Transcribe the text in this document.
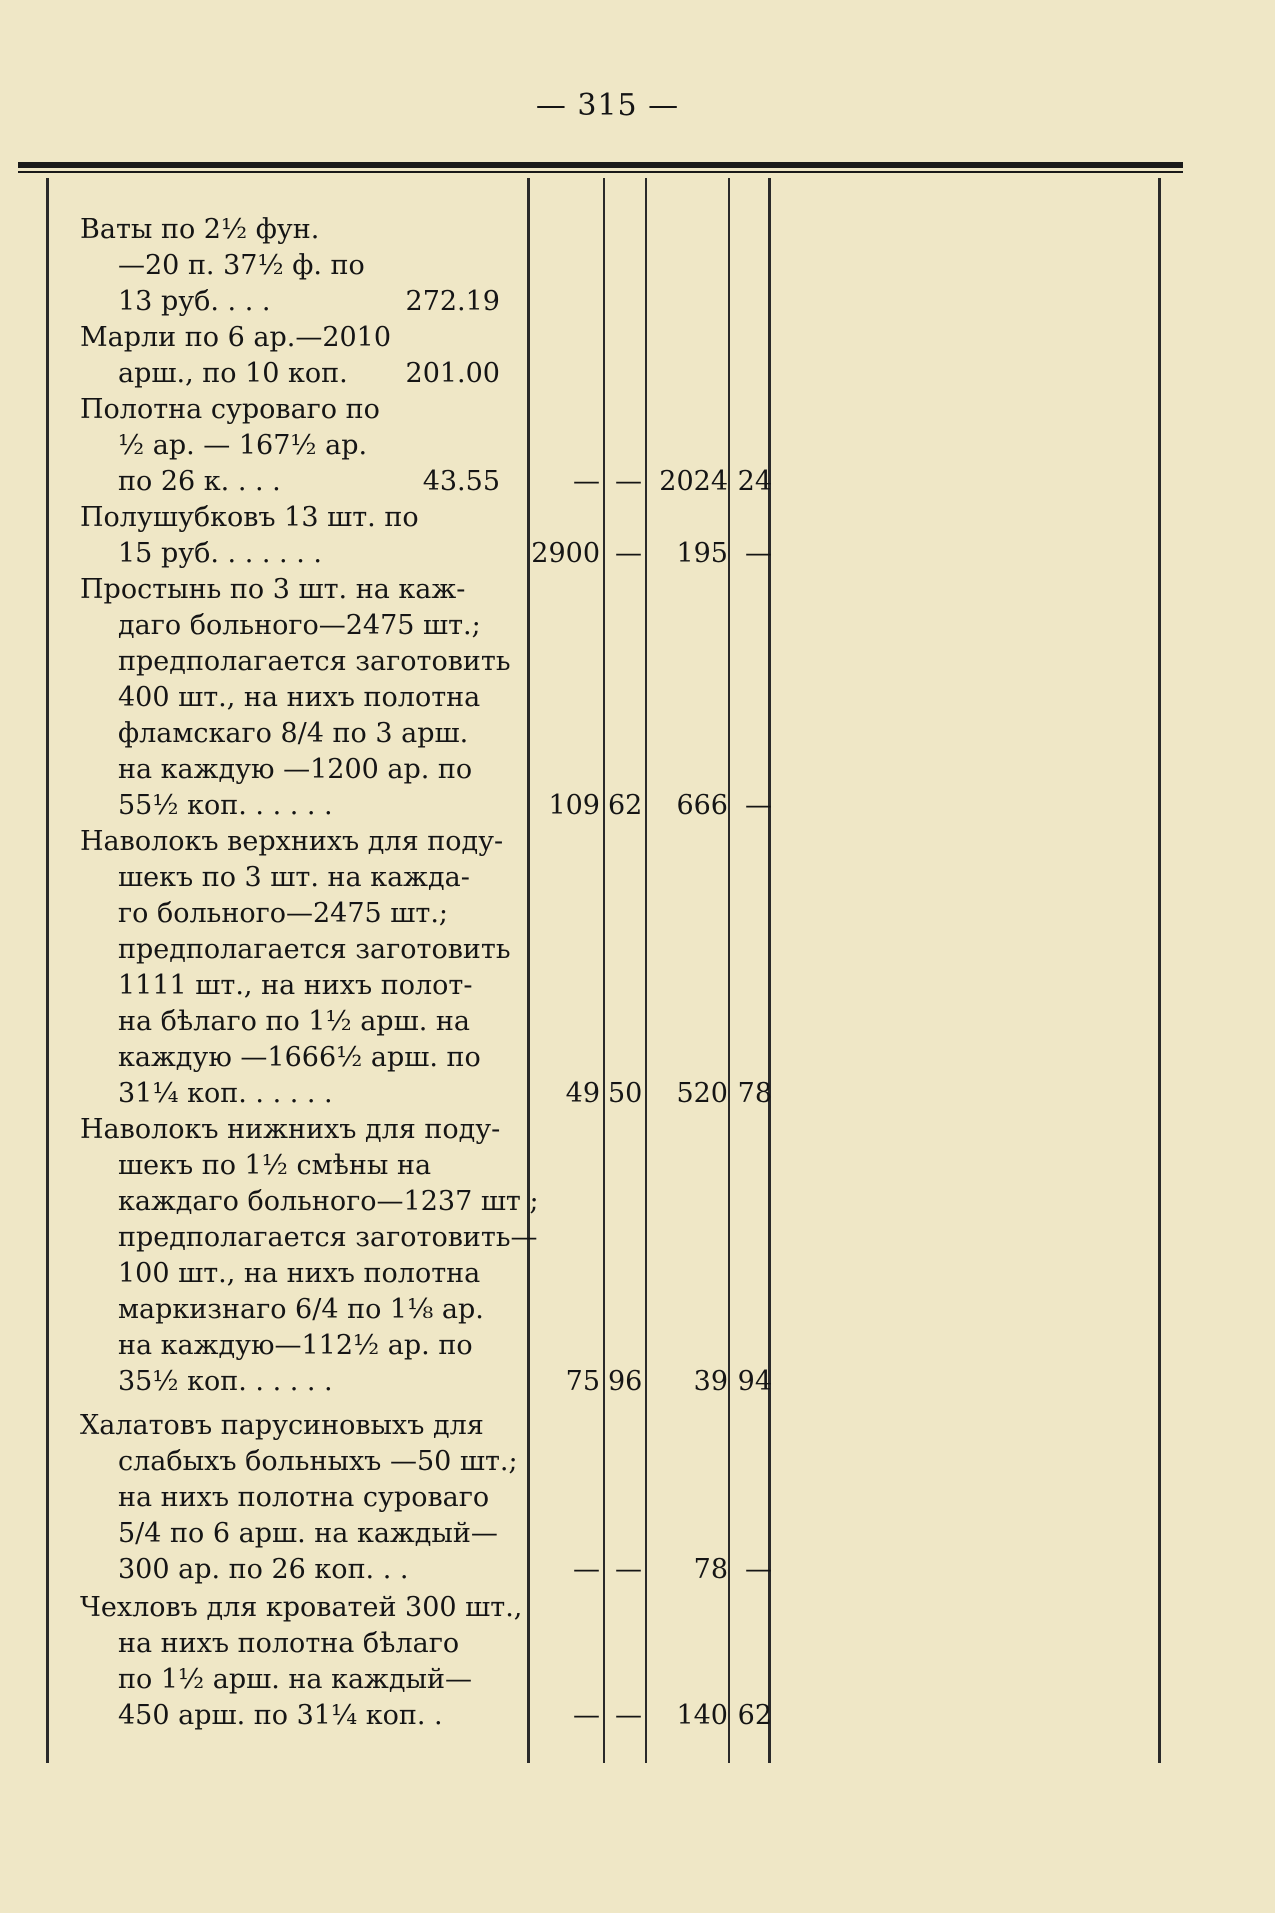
— 315 —
Ваты по 2½ фун.
—20 п. 37½ ф. по
13 руб. . . .	272.19
Марли по 6 ар.—2010
арш., по 10 коп.	201.00
Полотна суроваго по
½ ар. — 167½ ар.
по 26 к. . . .	43.55	— — 2024 24
Полушубковъ 13 шт. по
15 руб. . . . . . .	2900 —	195 —
Простынь по 3 шт. на каж-
даго больного—2475 шт.;
предполагается заготовить
400 шт., на нихъ полотна
фламскаго 8/4 по 3 арш.
на каждую —1200 ар. по
55½ коп. . . . . .	109 62	666 —
Наволокъ верхнихъ для поду-
шекъ по 3 шт. на кажда-
го больного—2475 шт.;
предполагается заготовить
1111 шт., на нихъ полот-
на бѣлаго по 1½ арш. на
каждую —1666½ арш. по
31¼ коп. . . . . .	49 50	520 78
Наволокъ нижнихъ для поду-
шекъ по 1½ смѣны на
каждаго больного—1237 шт ;
предполагается заготовить—
100 шт., на нихъ полотна
маркизнаго 6/4 по 1⅛ ар.
на каждую—112½ ар. по
35½ коп. . . . . .	75 96	39 94
Халатовъ парусиновыхъ для
слабыхъ больныхъ —50 шт.;
на нихъ полотна суроваго
5/4 по 6 арш. на каждый—
300 ар. по 26 коп. . .	— —	78 —
Чехловъ для кроватей 300 шт.,
на нихъ полотна бѣлаго
по 1½ арш. на каждый—
450 арш. по 31¼ коп. .	— —	140 62
